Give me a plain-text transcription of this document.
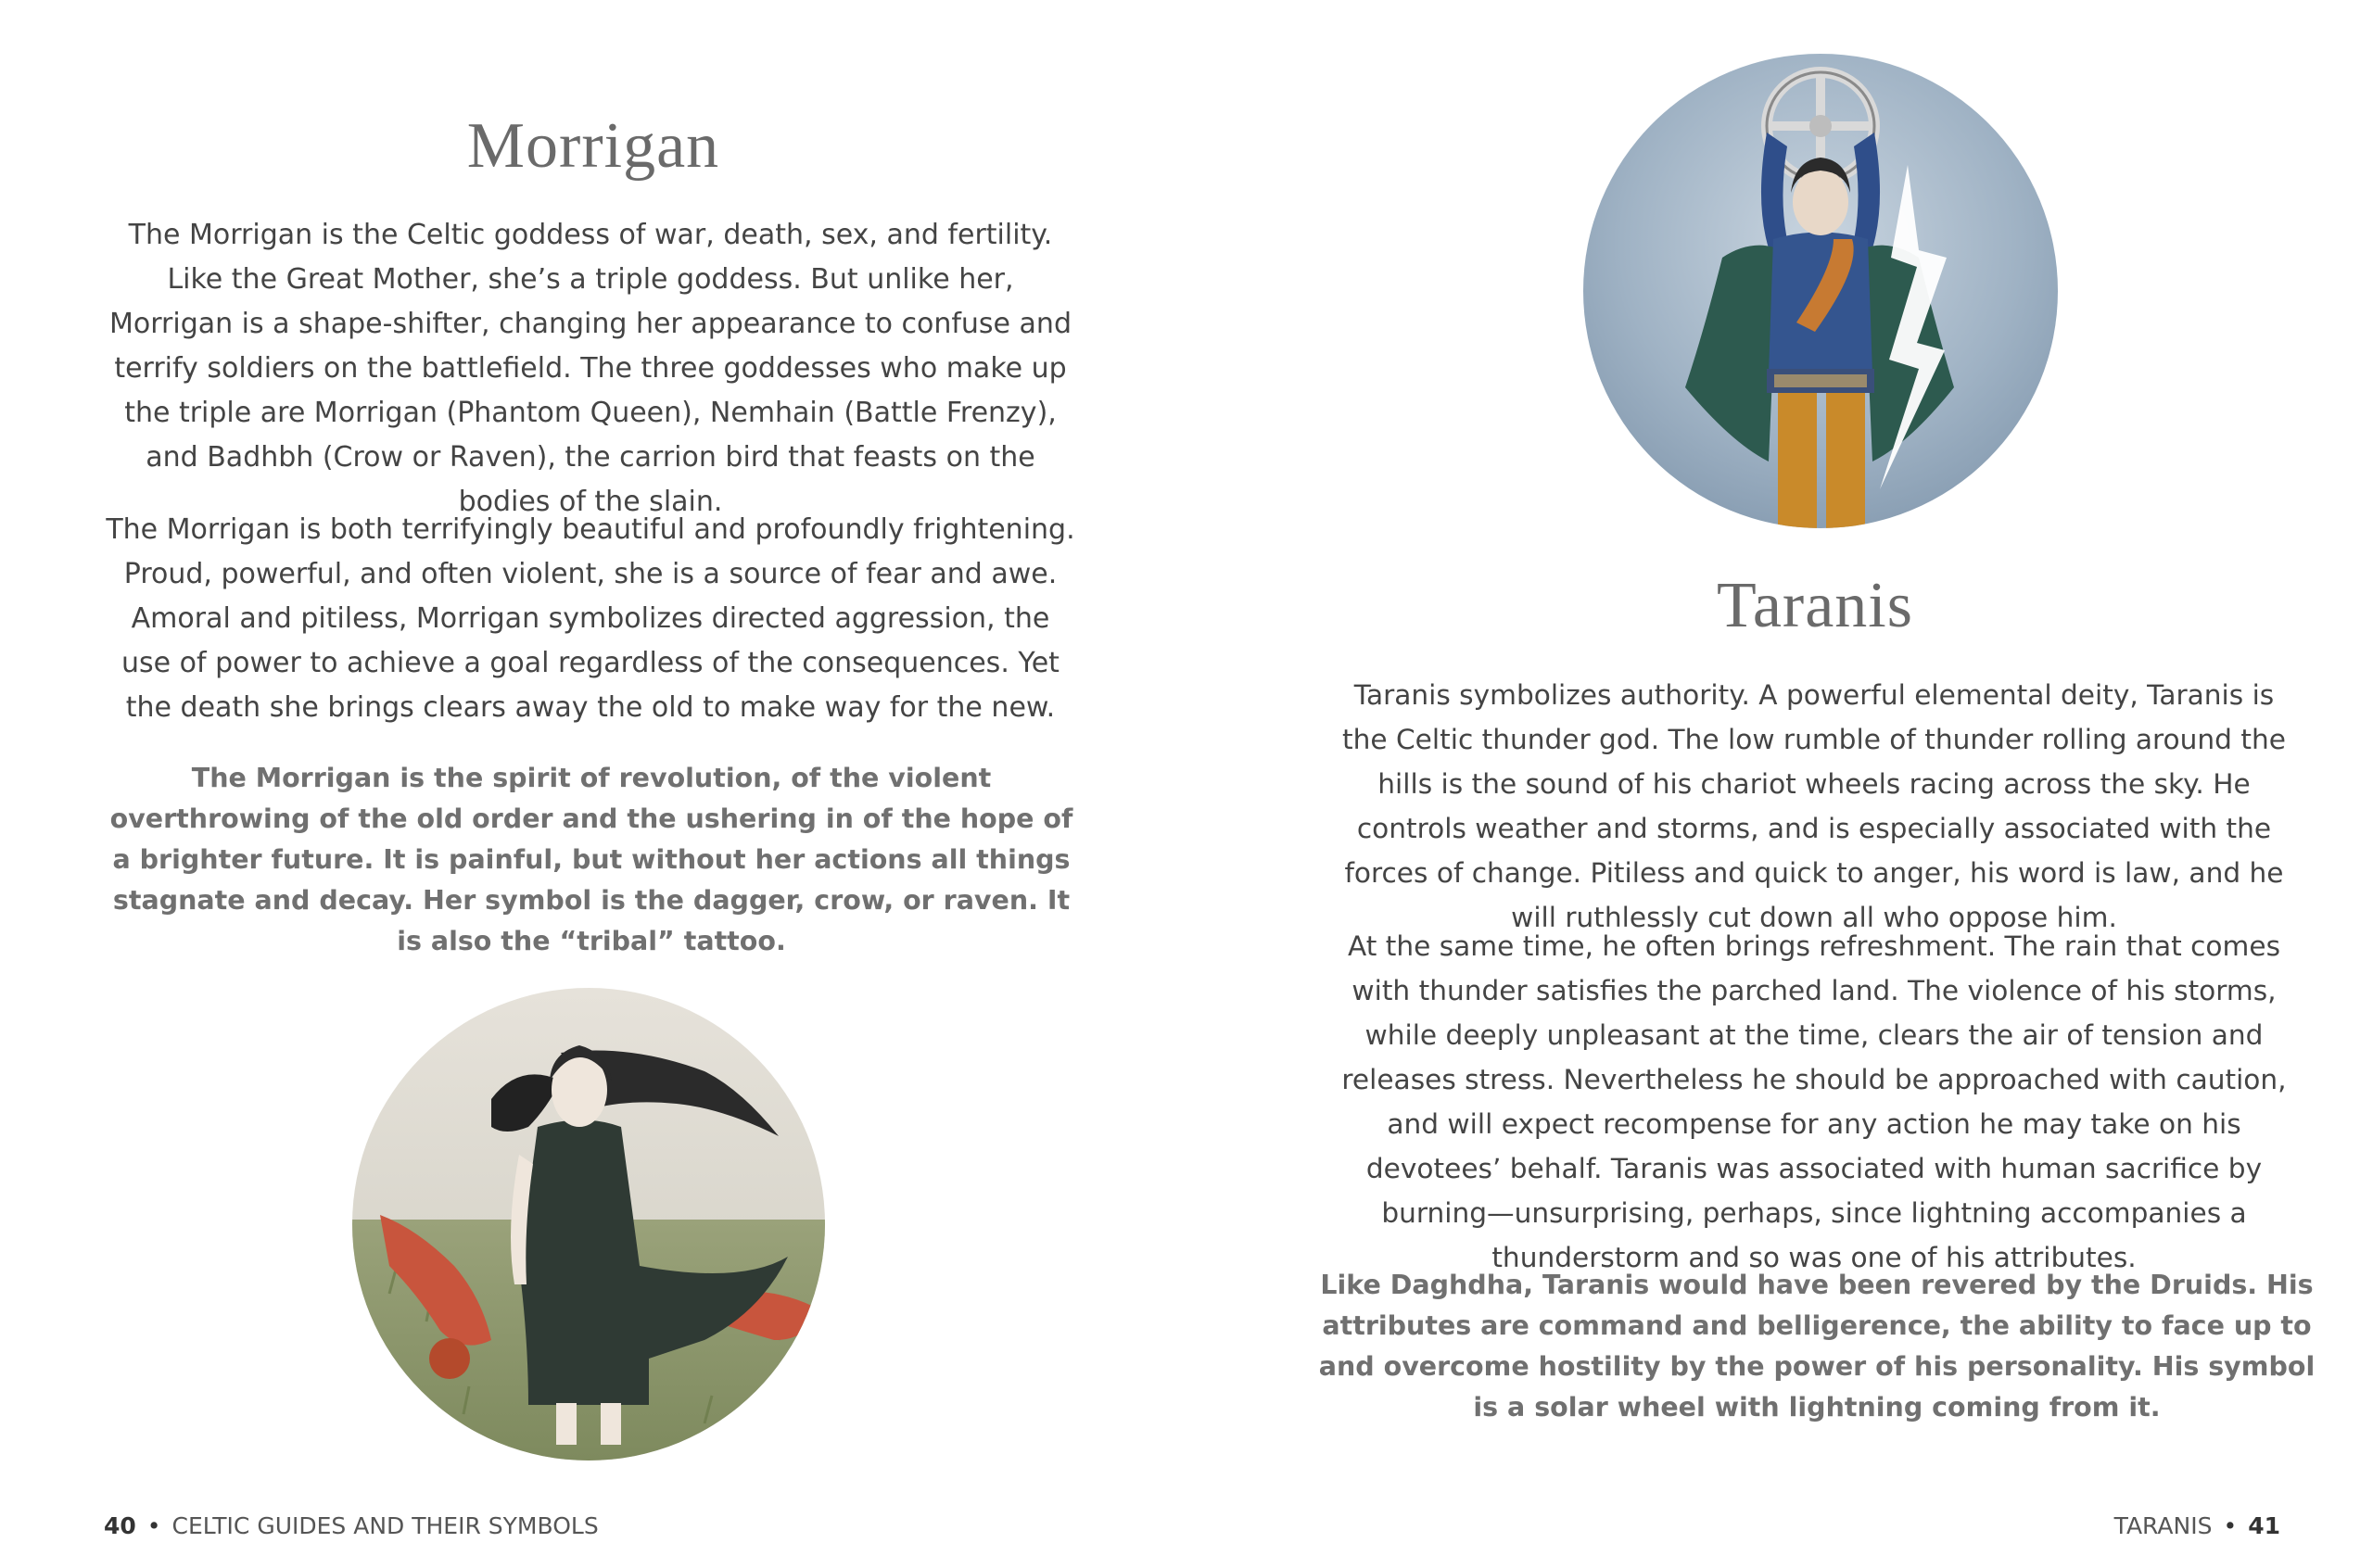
Morrigan

The Morrigan is the Celtic goddess of war, death, sex, and fertility. Like the Great Mother, she’s a triple goddess. But unlike her, Morrigan is a shape-shifter, changing her appearance to confuse and terrify soldiers on the battlefield. The three goddesses who make up the triple are Morrigan (Phantom Queen), Nemhain (Battle Frenzy), and Badhbh (Crow or Raven), the carrion bird that feasts on the bodies of the slain.

The Morrigan is both terrifyingly beautiful and profoundly frightening. Proud, powerful, and often violent, she is a source of fear and awe. Amoral and pitiless, Morrigan symbolizes directed aggression, the use of power to achieve a goal regardless of the consequences. Yet the death she brings clears away the old to make way for the new.

The Morrigan is the spirit of revolution, of the violent overthrowing of the old order and the ushering in of the hope of a brighter future. It is painful, but without her actions all things stagnate and decay. Her symbol is the dagger, crow, or raven. It is also the “tribal” tattoo.

40 • CELTIC GUIDES AND THEIR SYMBOLS
Taranis

Taranis symbolizes authority. A powerful elemental deity, Taranis is the Celtic thunder god. The low rumble of thunder rolling around the hills is the sound of his chariot wheels racing across the sky. He controls weather and storms, and is especially associated with the forces of change. Pitiless and quick to anger, his word is law, and he will ruthlessly cut down all who oppose him.

At the same time, he often brings refreshment. The rain that comes with thunder satisfies the parched land. The violence of his storms, while deeply unpleasant at the time, clears the air of tension and releases stress. Nevertheless he should be approached with caution, and will expect recompense for any action he may take on his devotees’ behalf. Taranis was associated with human sacrifice by burning—unsurprising, perhaps, since lightning accompanies a thunderstorm and so was one of his attributes.

Like Daghdha, Taranis would have been revered by the Druids. His attributes are command and belligerence, the ability to face up to and overcome hostility by the power of his personality. His symbol is a solar wheel with lightning coming from it.

TARANIS • 41
